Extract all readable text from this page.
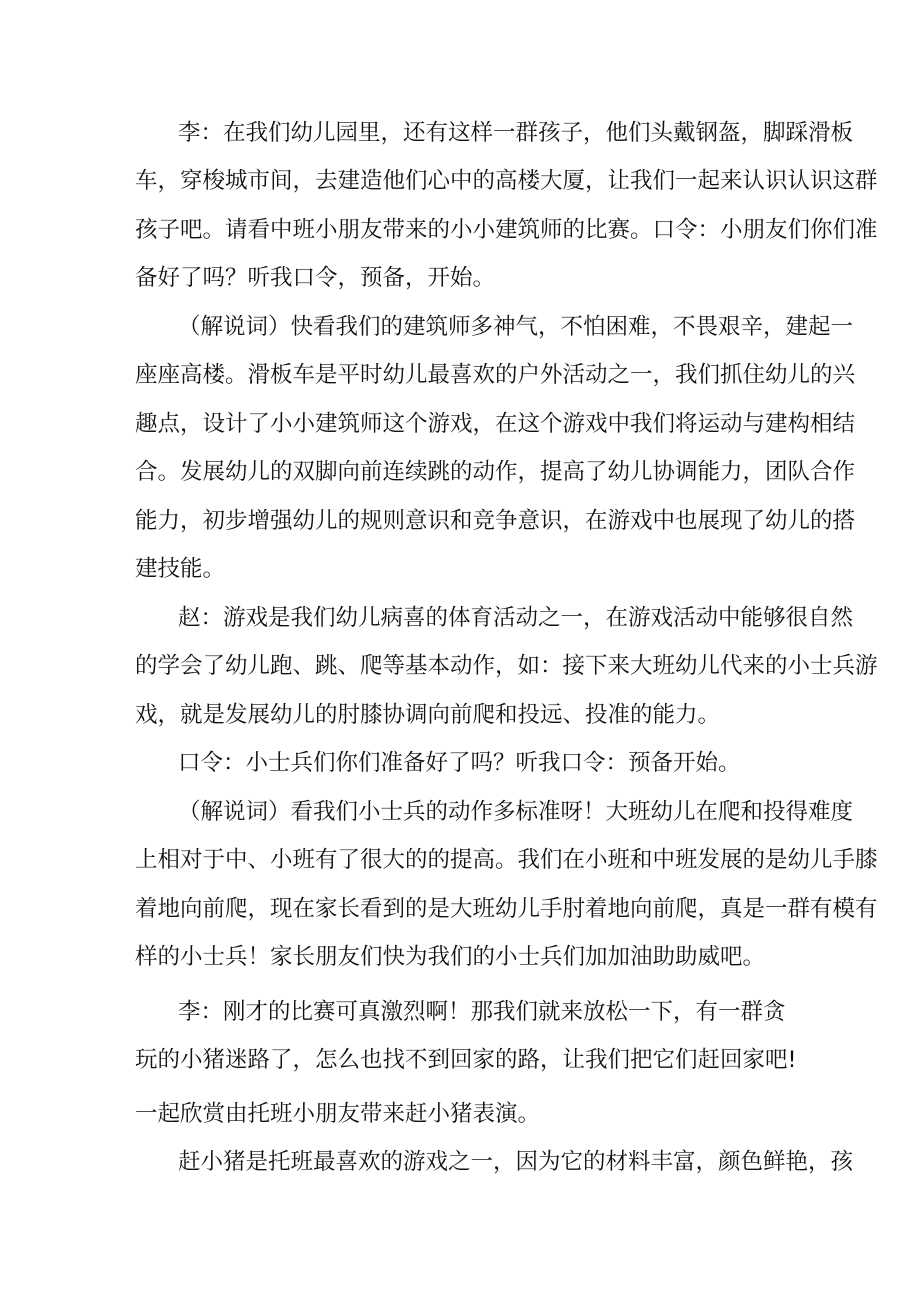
李：在我们幼儿园里，还有这样一群孩子，他们头戴钢盔，脚踩滑板
车，穿梭城市间，去建造他们心中的高楼大厦，让我们一起来认识认识这群
孩子吧。请看中班小朋友带来的小小建筑师的比赛。口令：小朋友们你们准
备好了吗？听我口令，预备，开始。
（解说词）快看我们的建筑师多神气，不怕困难，不畏艰辛，建起一
座座高楼。滑板车是平时幼儿最喜欢的户外活动之一，我们抓住幼儿的兴
趣点，设计了小小建筑师这个游戏，在这个游戏中我们将运动与建构相结
合。发展幼儿的双脚向前连续跳的动作，提高了幼儿协调能力，团队合作
能力，初步增强幼儿的规则意识和竞争意识，在游戏中也展现了幼儿的搭
建技能。
赵：游戏是我们幼儿病喜的体育活动之一，在游戏活动中能够很自然
的学会了幼儿跑、跳、爬等基本动作，如：接下来大班幼儿代来的小士兵游
戏，就是发展幼儿的肘膝协调向前爬和投远、投准的能力。
口令：小士兵们你们准备好了吗？听我口令：预备开始。
（解说词）看我们小士兵的动作多标准呀！大班幼儿在爬和投得难度
上相对于中、小班有了很大的的提高。我们在小班和中班发展的是幼儿手膝
着地向前爬，现在家长看到的是大班幼儿手肘着地向前爬，真是一群有模有
样的小士兵！家长朋友们快为我们的小士兵们加加油助助威吧。
李：刚才的比赛可真激烈啊！那我们就来放松一下，有一群贪
玩的小猪迷路了，怎么也找不到回家的路，让我们把它们赶回家吧!
一起欣赏由托班小朋友带来赶小猪表演。
赶小猪是托班最喜欢的游戏之一，因为它的材料丰富，颜色鲜艳，孩
